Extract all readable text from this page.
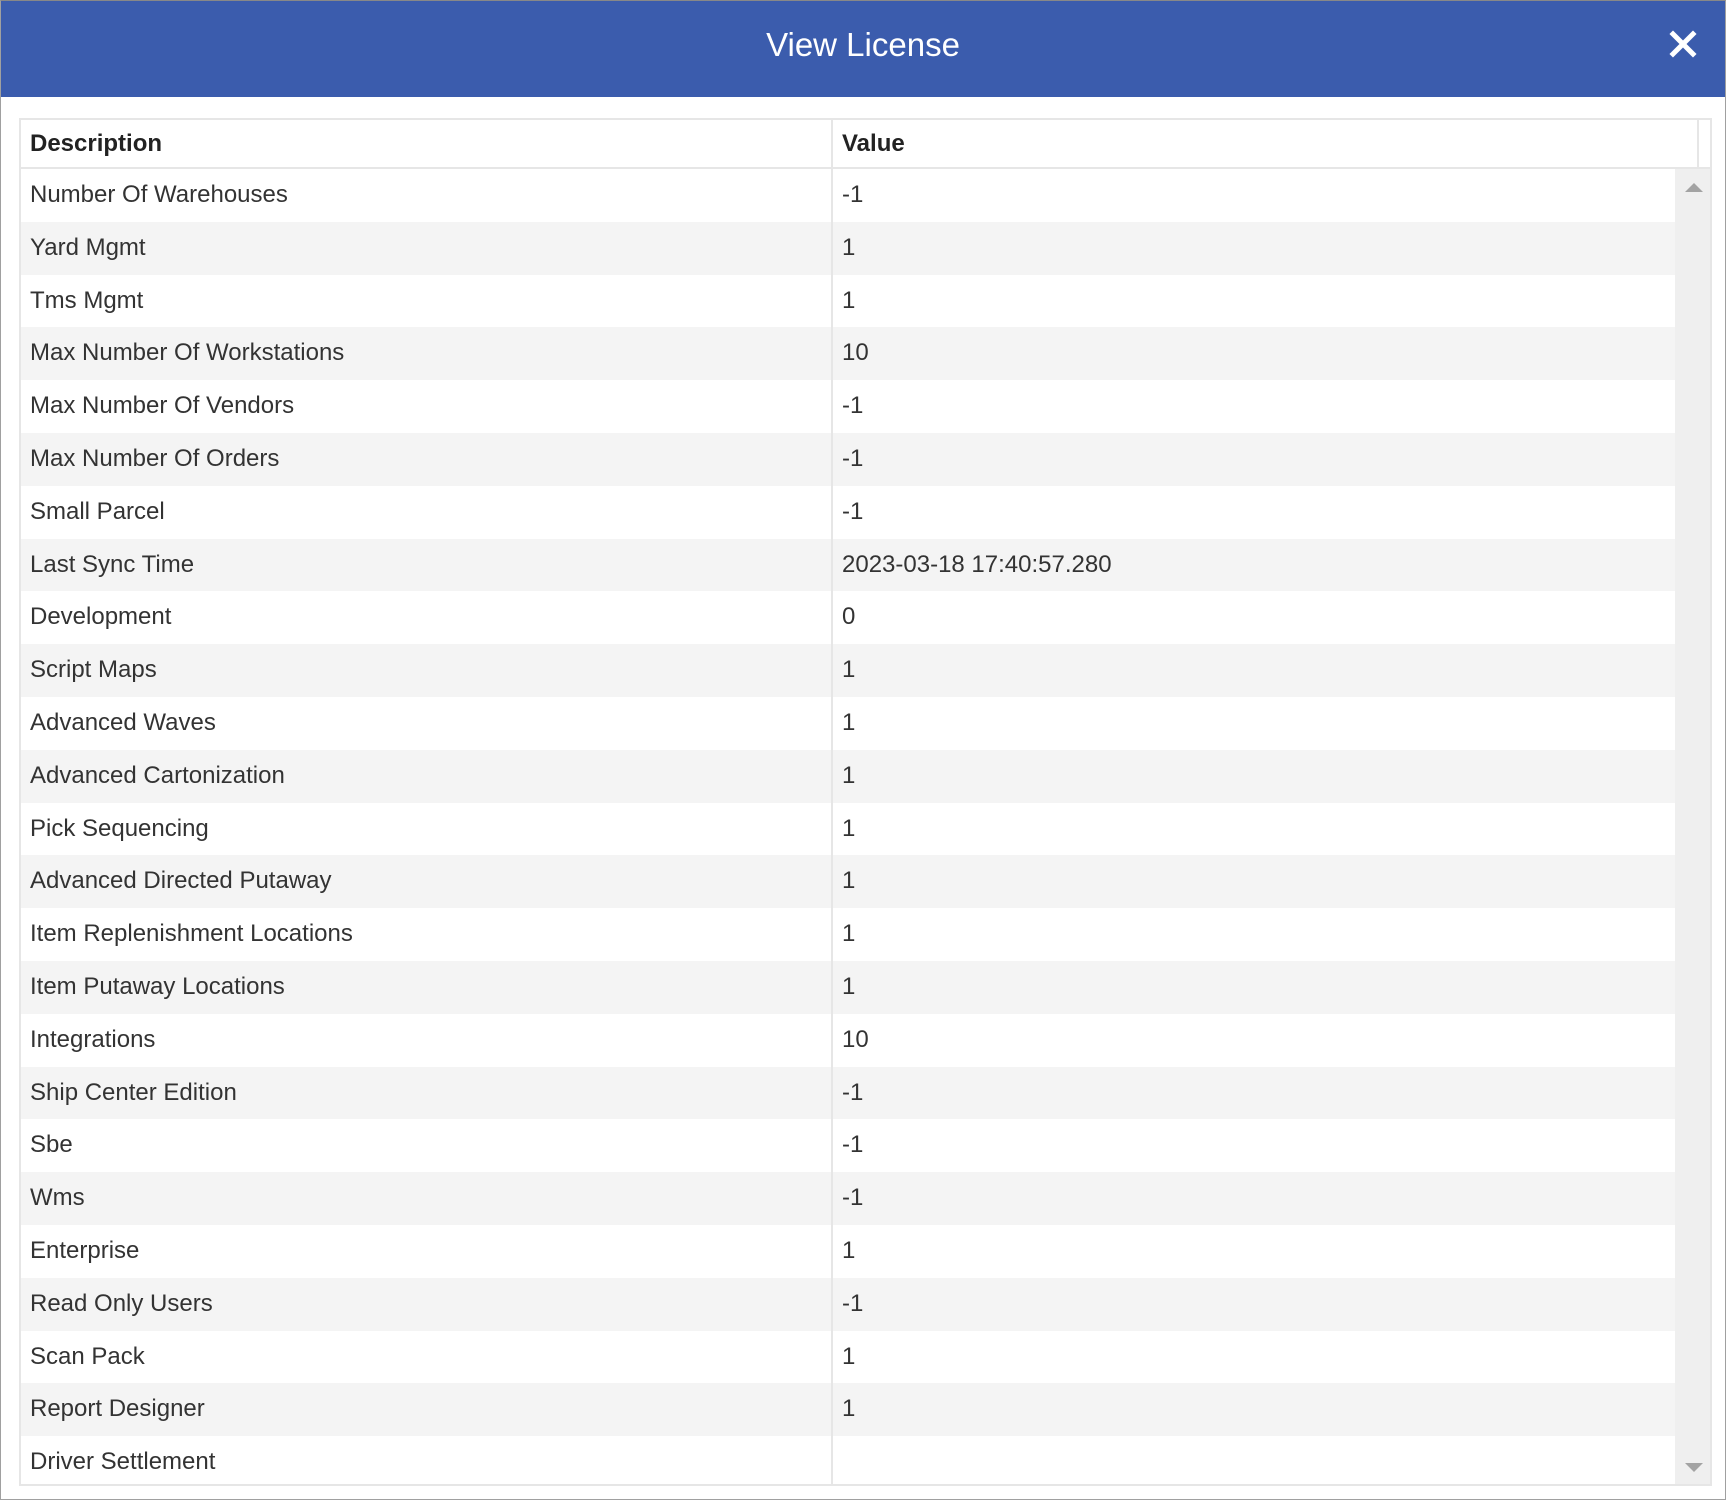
View License
Description	Value
Number Of Warehouses	-1
Yard Mgmt	1
Tms Mgmt	1
Max Number Of Workstations	10
Max Number Of Vendors	-1
Max Number Of Orders	-1
Small Parcel	-1
Last Sync Time	2023-03-18 17:40:57.280
Development	0
Script Maps	1
Advanced Waves	1
Advanced Cartonization	1
Pick Sequencing	1
Advanced Directed Putaway	1
Item Replenishment Locations	1
Item Putaway Locations	1
Integrations	10
Ship Center Edition	-1
Sbe	-1
Wms	-1
Enterprise	1
Read Only Users	-1
Scan Pack	1
Report Designer	1
Driver Settlement
